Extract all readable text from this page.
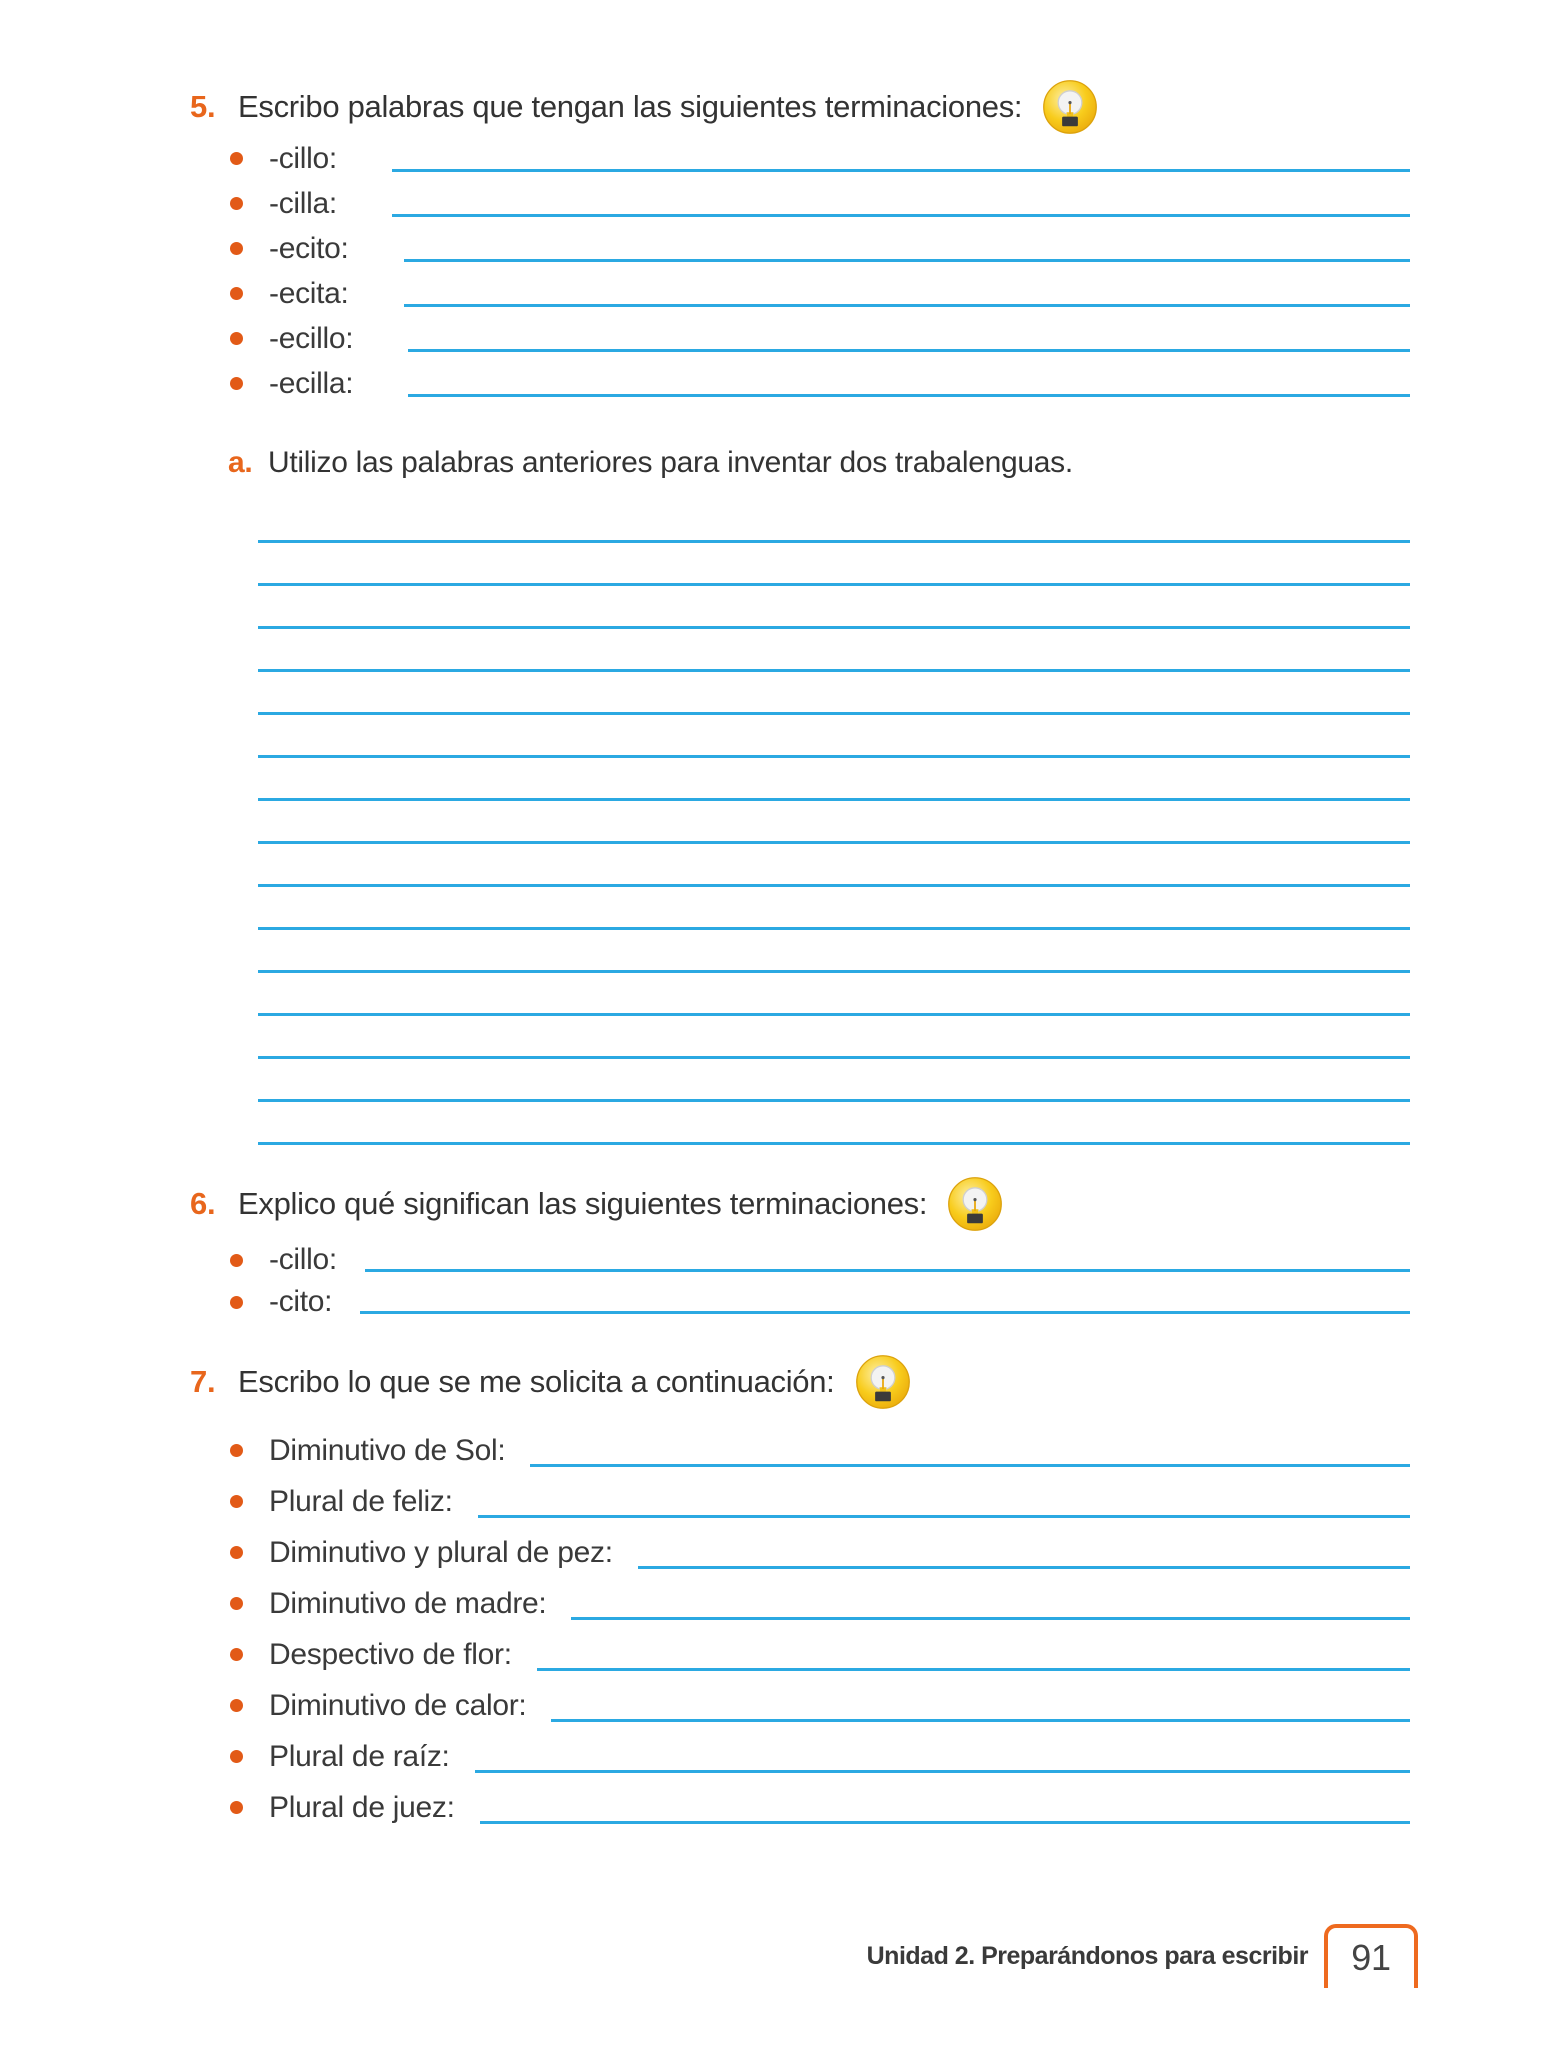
5. Escribo palabras que tengan las siguientes terminaciones:
-cillo:
-cilla:
-ecito:
-ecita:
-ecillo:
-ecilla:
a. Utilizo las palabras anteriores para inventar dos trabalenguas.
6. Explico qué significan las siguientes terminaciones:
-cillo:
-cito:
7. Escribo lo que se me solicita a continuación:
Diminutivo de Sol:
Plural de feliz:
Diminutivo y plural de pez:
Diminutivo de madre:
Despectivo de flor:
Diminutivo de calor:
Plural de raíz:
Plural de juez:
Unidad 2. Preparándonos para escribir 91
